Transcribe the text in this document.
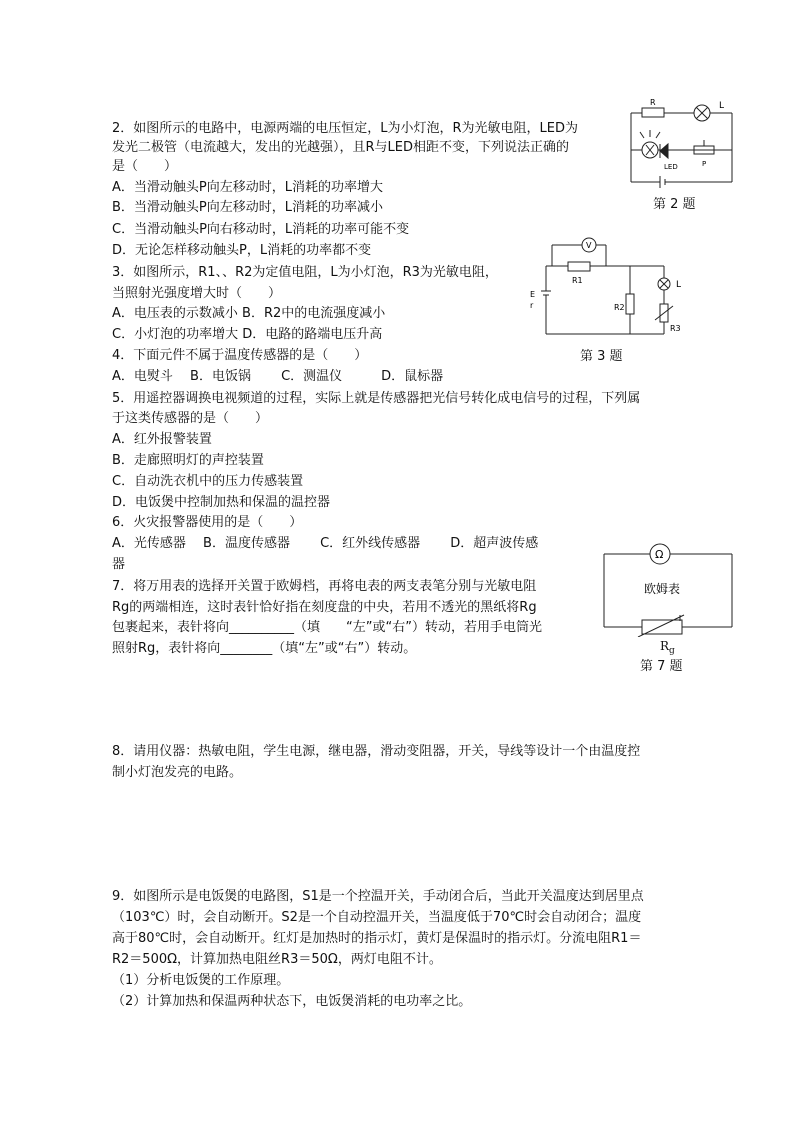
2．如图所示的电路中，电源两端的电压恒定，L为小灯泡，R为光敏电阻，LED为
发光二极管（电流越大，发出的光越强），且R与LED相距不变，下列说法正确的
是（　　）
A．当滑动触头P向左移动时，L消耗的功率增大
B．当滑动触头P向左移动时，L消耗的功率减小
C．当滑动触头P向右移动时，L消耗的功率可能不变
D．无论怎样移动触头P，L消耗的功率都不变
R	L
LED	P
第 2 题
3．如图所示，R1、、R2为定值电阻，L为小灯泡，R3为光敏电阻，
当照射光强度增大时（　　）
A．电压表的示数减小 B．R2中的电流强度减小
C．小灯泡的功率增大 D．电路的路端电压升高
V
R1
R2
R3
L
E
r
第 3 题
4．下面元件不属于温度传感器的是（　　）
A．电熨斗　 B．电饭锅　　 C．测温仪　　　D．鼠标器
5．用遥控器调换电视频道的过程，实际上就是传感器把光信号转化成电信号的过程，下列属
于这类传感器的是（　　）
A．红外报警装置
B．走廊照明灯的声控装置
C．自动洗衣机中的压力传感装置
D．电饭煲中控制加热和保温的温控器
6．火灾报警器使用的是（　　）
A．光传感器　 B．温度传感器　　 C．红外线传感器　　 D．超声波传感
器
Ω
欧姆表
$R_g$
第 7 题
7．将万用表的选择开关置于欧姆档，再将电表的两支表笔分别与光敏电阻
Rg的两端相连，这时表针恰好指在刻度盘的中央，若用不透光的黑纸将Rg
包裹起来，表针将向__________（填　　“左”或“右”）转动，若用手电筒光
照射Rg，表针将向________（填“左”或“右”）转动。
8．请用仪器：热敏电阻，学生电源，继电器，滑动变阻器，开关，导线等设计一个由温度控
制小灯泡发亮的电路。
9．如图所示是电饭煲的电路图，S1是一个控温开关，手动闭合后，当此开关温度达到居里点
（103℃）时，会自动断开。S2是一个自动控温开关，当温度低于70℃时会自动闭合；温度
高于80℃时，会自动断开。红灯是加热时的指示灯，黄灯是保温时的指示灯。分流电阻R1＝
R2＝500Ω，计算加热电阻丝R3＝50Ω，两灯电阻不计。
（1）分析电饭煲的工作原理。
（2）计算加热和保温两种状态下，电饭煲消耗的电功率之比。
